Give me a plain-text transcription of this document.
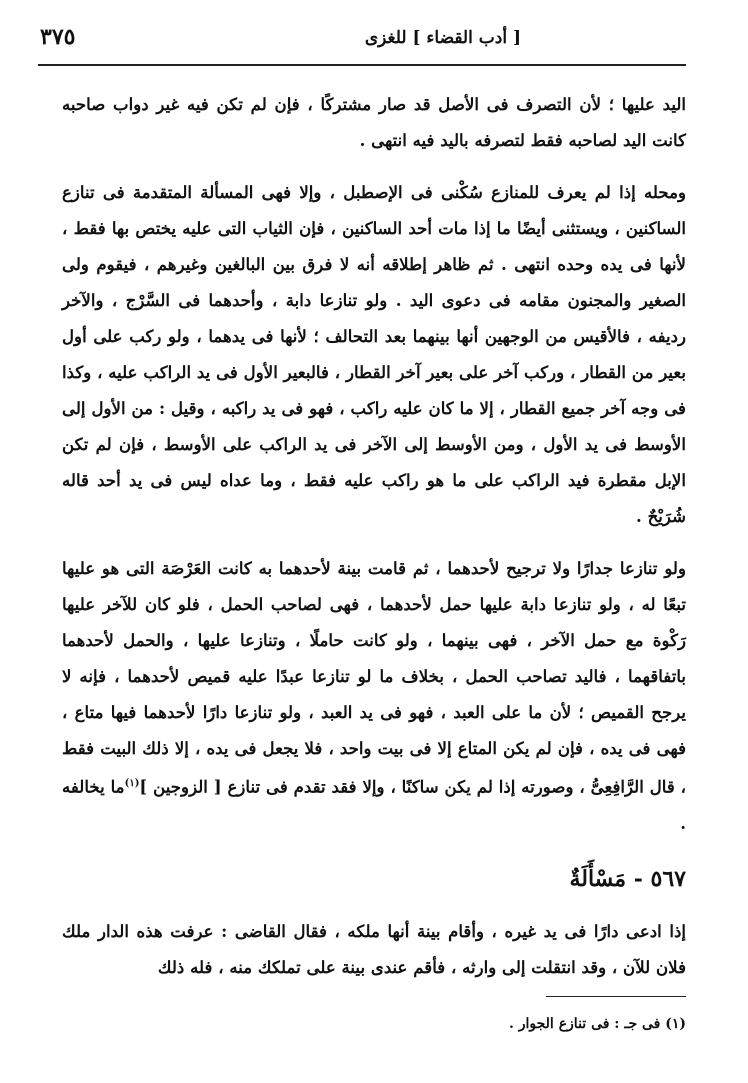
[ أدب القضاء ] للغزى
٣٧٥

اليد عليها ؛ لأن التصرف فى الأصل قد صار مشتركًا ، فإن لم تكن فيه غير دواب صاحبه كانت اليد لصاحبه فقط لتصرفه باليد فيه انتهى .

ومحله إذا لم يعرف للمنازع سُكْنى فى الإصطبل ، وإلا فهى المسألة المتقدمة فى تنازع الساكنين ، ويستثنى أيضًا ما إذا مات أحد الساكنين ، فإن الثياب التى عليه يختص بها فقط ، لأنها فى يده وحده انتهى . ثم ظاهر إطلاقه أنه لا فرق بين البالغين وغيرهم ، فيقوم ولى الصغير والمجنون مقامه فى دعوى اليد . ولو تنازعا دابة ، وأحدهما فى السَّرْج ، والآخر رديفه ، فالأقيس من الوجهين أنها بينهما بعد التحالف ؛ لأنها فى يدهما ، ولو ركب على أول بعير من القطار ، وركب آخر على بعير آخر القطار ، فالبعير الأول فى يد الراكب عليه ، وكذا فى وجه آخر جميع القطار ، إلا ما كان عليه راكب ، فهو فى يد راكبه ، وقيل : من الأول إلى الأوسط فى يد الأول ، ومن الأوسط إلى الآخر فى يد الراكب على الأوسط ، فإن لم تكن الإبل مقطرة فيد الراكب على ما هو راكب عليه فقط ، وما عداه ليس فى يد أحد قاله شُرَيْحٌ .

ولو تنازعا جدارًا ولا ترجيح لأحدهما ، ثم قامت بينة لأحدهما به كانت العَرْصَة التى هو عليها تبعًا له ، ولو تنازعا دابة عليها حمل لأحدهما ، فهى لصاحب الحمل ، فلو كان للآخر عليها رَكْوة مع حمل الآخر ، فهى بينهما ، ولو كانت حاملًا ، وتنازعا عليها ، والحمل لأحدهما باتفاقهما ، فاليد تصاحب الحمل ، بخلاف ما لو تنازعا عبدًا عليه قميص لأحدهما ، فإنه لا يرجح القميص ؛ لأن ما على العبد ، فهو فى يد العبد ، ولو تنازعا دارًا لأحدهما فيها متاع ، فهى فى يده ، فإن لم يكن المتاع إلا فى بيت واحد ، فلا يجعل فى يده ، إلا ذلك البيت فقط ، قال الرَّافِعِىُّ ، وصورته إذا لم يكن ساكنًا ، وإلا فقد تقدم فى تنازع [ الزوجين ]$^{(١)}$ما يخالفه .

٥٦٧ - مَسْأَلَةٌ

إذا ادعى دارًا فى يد غيره ، وأقام بينة أنها ملكه ، فقال القاضى : عرفت هذه الدار ملك فلان للآن ، وقد انتقلت إلى وارثه ، فأقم عندى بينة على تملكك منه ، فله ذلك

(١) فى جـ : فى تنازع الجوار .
